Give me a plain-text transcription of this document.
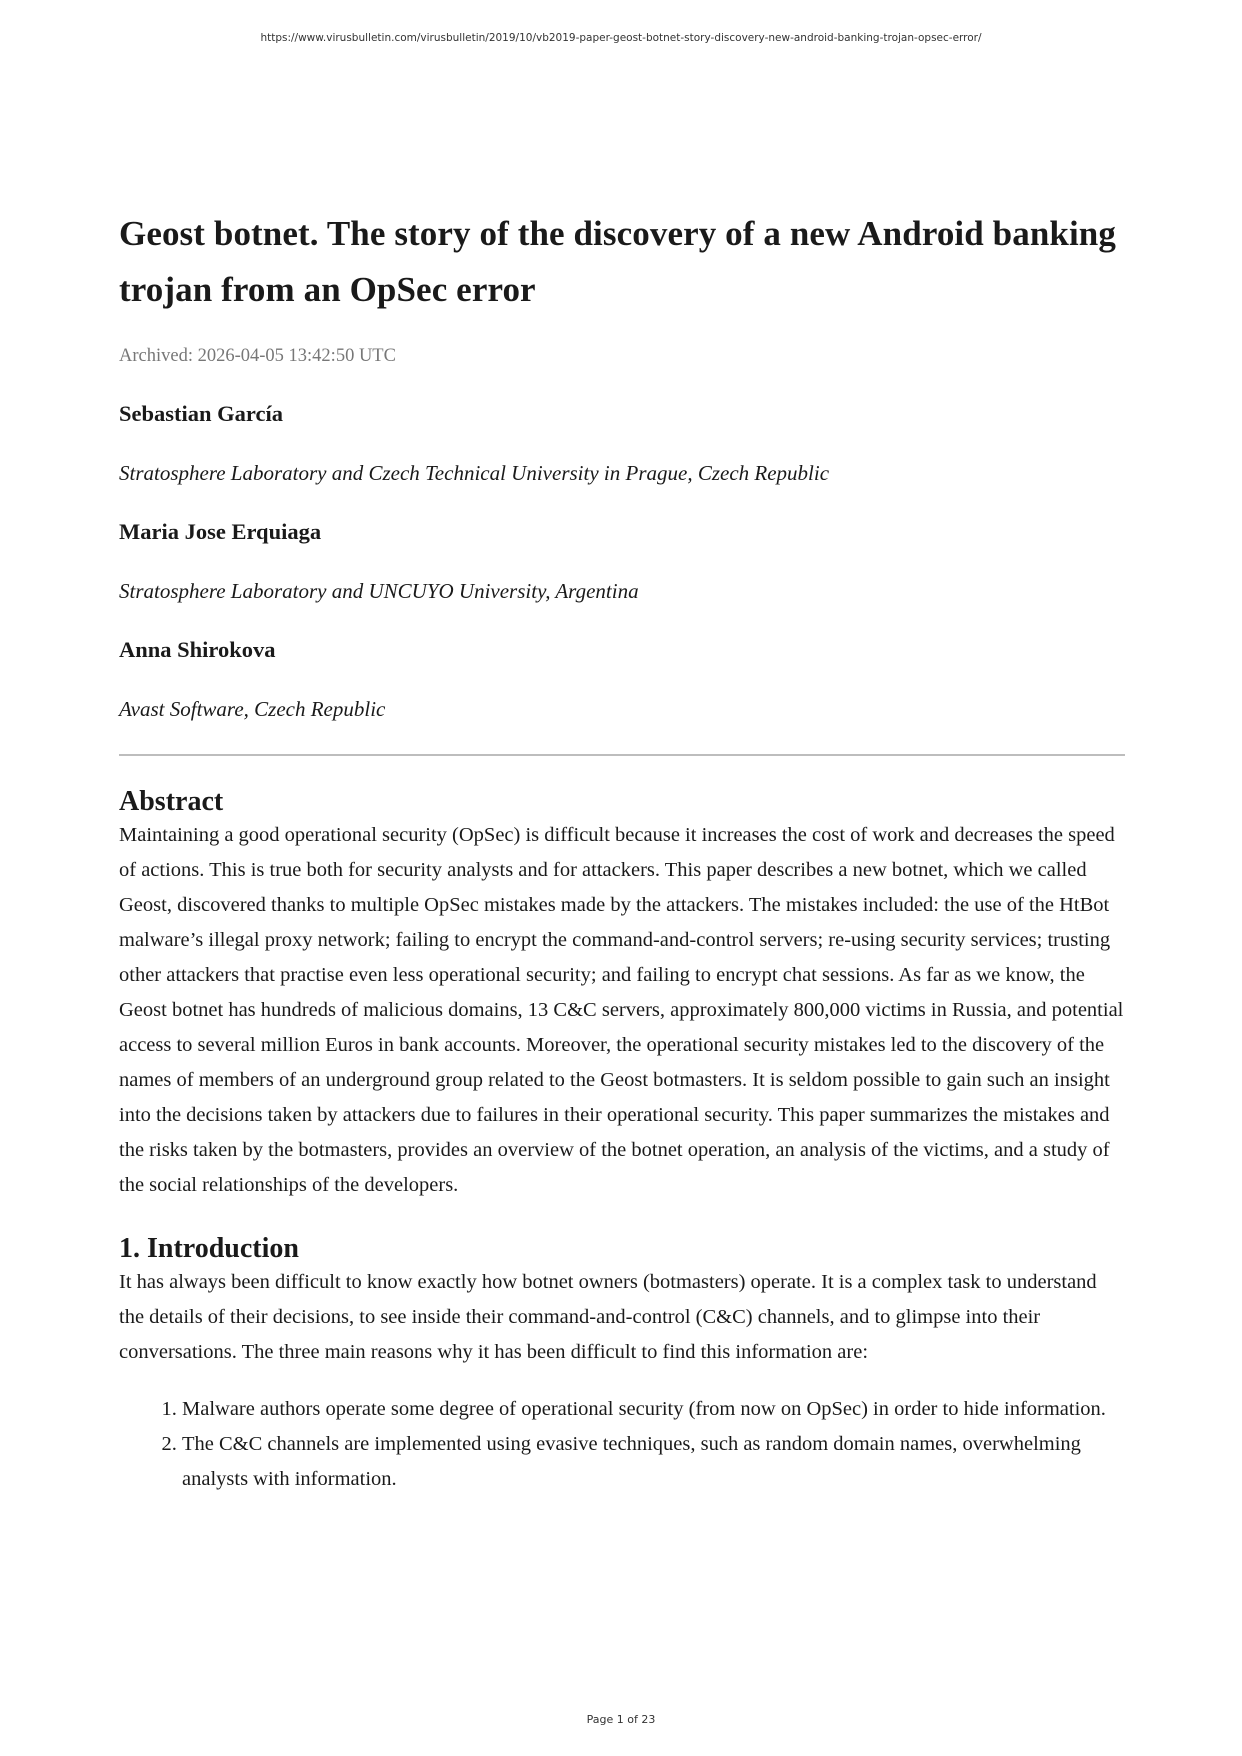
https://www.virusbulletin.com/virusbulletin/2019/10/vb2019-paper-geost-botnet-story-discovery-new-android-banking-trojan-opsec-error/
Geost botnet. The story of the discovery of a new Android banking trojan from an OpSec error
Archived: 2026-04-05 13:42:50 UTC
Sebastian García
Stratosphere Laboratory and Czech Technical University in Prague, Czech Republic
Maria Jose Erquiaga
Stratosphere Laboratory and UNCUYO University, Argentina
Anna Shirokova
Avast Software, Czech Republic
Abstract

Maintaining a good operational security (OpSec) is difficult because it increases the cost of work and decreases the speed of actions. This is true both for security analysts and for attackers. This paper describes a new botnet, which we called Geost, discovered thanks to multiple OpSec mistakes made by the attackers. The mistakes included: the use of the HtBot malware’s illegal proxy network; failing to encrypt the command-and-control servers; re-using security services; trusting other attackers that practise even less operational security; and failing to encrypt chat sessions. As far as we know, the Geost botnet has hundreds of malicious domains, 13 C&C servers, approximately 800,000 victims in Russia, and potential access to several million Euros in bank accounts. Moreover, the operational security mistakes led to the discovery of the names of members of an underground group related to the Geost botmasters. It is seldom possible to gain such an insight into the decisions taken by attackers due to failures in their operational security. This paper summarizes the mistakes and the risks taken by the botmasters, provides an overview of the botnet operation, an analysis of the victims, and a study of the social relationships of the developers.

1. Introduction

It has always been difficult to know exactly how botnet owners (botmasters) operate. It is a complex task to understand the details of their decisions, to see inside their command-and-control (C&C) channels, and to glimpse into their conversations. The three main reasons why it has been difficult to find this information are:

1. Malware authors operate some degree of operational security (from now on OpSec) in order to hide information.
2. The C&C channels are implemented using evasive techniques, such as random domain names, overwhelming analysts with information.
Page 1 of 23
